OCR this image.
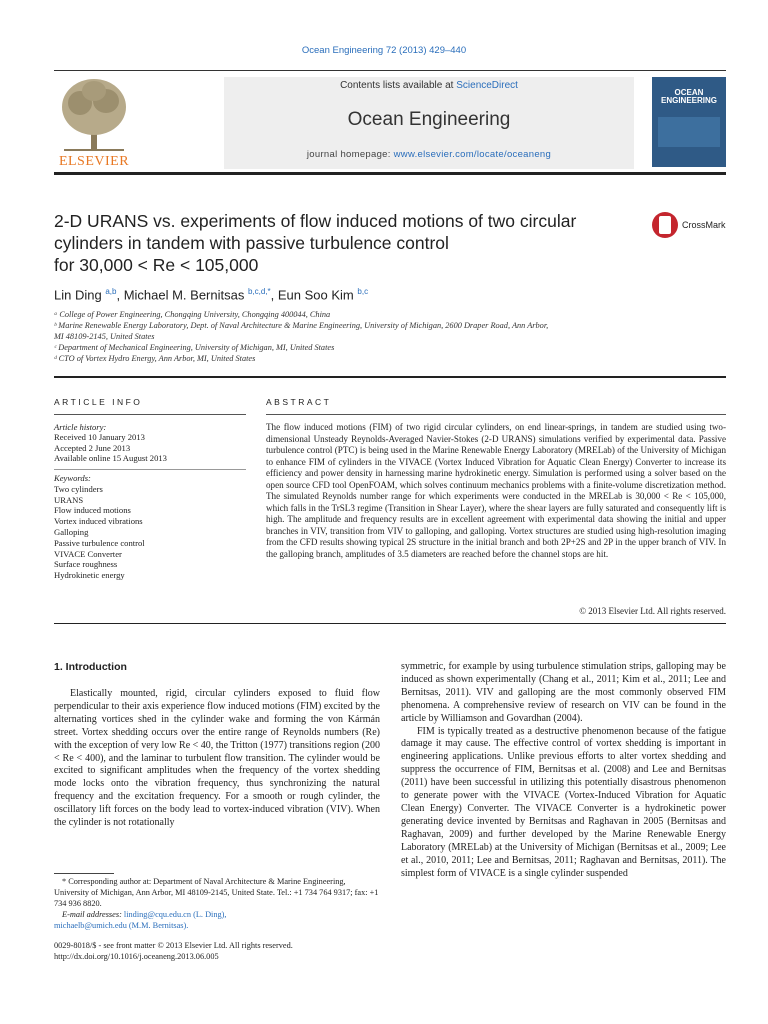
Ocean Engineering 72 (2013) 429–440
ELSEVIER
Contents lists available at ScienceDirect
Ocean Engineering
journal homepage: www.elsevier.com/locate/oceaneng
OCEAN ENGINEERING
2-D URANS vs. experiments of flow induced motions of two circular
cylinders in tandem with passive turbulence control
for 30,000 < Re < 105,000
CrossMark
Lin Ding $^{a,b}$, Michael M. Bernitsas $^{b,c,d,*}$, Eun Soo Kim $^{b,c}$
ᵃ College of Power Engineering, Chongqing University, Chongqing 400044, China
ᵇ Marine Renewable Energy Laboratory, Dept. of Naval Architecture & Marine Engineering, University of Michigan, 2600 Draper Road, Ann Arbor,
MI 48109-2145, United States
ᶜ Department of Mechanical Engineering, University of Michigan, MI, United States
ᵈ CTO of Vortex Hydro Energy, Ann Arbor, MI, United States
ARTICLE INFO	ABSTRACT
Article history:
Received 10 January 2013
Accepted 2 June 2013
Available online 15 August 2013
Keywords:
Two cylinders
URANS
Flow induced motions
Vortex induced vibrations
Galloping
Passive turbulence control
VIVACE Converter
Surface roughness
Hydrokinetic energy
The flow induced motions (FIM) of two rigid circular cylinders, on end linear-springs, in tandem are studied using two-dimensional Unsteady Reynolds-Averaged Navier-Stokes (2-D URANS) simulations verified by experimental data. Passive turbulence control (PTC) is being used in the Marine Renewable Energy Laboratory (MRELab) of the University of Michigan to enhance FIM of cylinders in the VIVACE (Vortex Induced Vibration for Aquatic Clean Energy) Converter to increase its efficiency and power density in harnessing marine hydrokinetic energy. Simulation is performed using a solver based on the open source CFD tool OpenFOAM, which solves continuum mechanics problems with a finite-volume discretization method. The simulated Reynolds number range for which experiments were conducted in the MRELab is 30,000 < Re < 105,000, which falls in the TrSL3 regime (Transition in Shear Layer), where the shear layers are fully saturated and consequently lift is high. The amplitude and frequency results are in excellent agreement with experimental data showing the initial and upper branches in VIV, transition from VIV to galloping, and galloping. Vortex structures are studied using high-resolution imaging from the CFD results showing typical 2S structure in the initial branch and both 2P+2S and 2P in the upper branch of VIV. In the galloping branch, amplitudes of 3.5 diameters are reached before the channel stops are hit.
© 2013 Elsevier Ltd. All rights reserved.
1. Introduction
Elastically mounted, rigid, circular cylinders exposed to fluid flow perpendicular to their axis experience flow induced motions (FIM) excited by the alternating vortices shed in the cylinder wake and forming the von Kármán street. Vortex shedding occurs over the entire range of Reynolds numbers (Re) with the exception of very low Re < 40, the Tritton (1977) transitions region (200 < Re < 400), and the laminar to turbulent flow transition. The cylinder would be excited to significant amplitudes when the frequency of the vortex shedding mode locks onto the vibration frequency, thus synchronizing the natural frequency and the excitation frequency. For a smooth or rough cylinder, the oscillatory lift forces on the body lead to vortex-induced vibration (VIV). When the cylinder is not rotationally

symmetric, for example by using turbulence stimulation strips, galloping may be induced as shown experimentally (Chang et al., 2011; Kim et al., 2011; Lee and Bernitsas, 2011). VIV and galloping are the most commonly observed FIM phenomena. A comprehensive review of research on VIV can be found in the article by Williamson and Govardhan (2004).

FIM is typically treated as a destructive phenomenon because of the fatigue damage it may cause. The effective control of vortex shedding is important in engineering applications. Unlike previous efforts to alter vortex shedding and suppress the occurrence of FIM, Bernitsas et al. (2008) and Lee and Bernitsas (2011) have been successful in utilizing this potentially disastrous phenomenon to generate power with the VIVACE (Vortex-Induced Vibration for Aquatic Clean Energy) Converter. The VIVACE Converter is a hydrokinetic power generating device invented by Bernitsas and Raghavan in 2005 (Bernitsas and Raghavan, 2009) and further developed by the Marine Renewable Energy Laboratory (MRELab) at the University of Michigan (Bernitsas et al., 2009; Lee et al., 2010, 2011; Lee and Bernitsas, 2011; Raghavan and Bernitsas, 2011). The simplest form of VIVACE is a single cylinder suspended

* Corresponding author at: Department of Naval Architecture & Marine Engineering, University of Michigan, Ann Arbor, MI 48109-2145, United State. Tel.: +1 734 764 9317; fax: +1 734 936 8820.
E-mail addresses: linding@cqu.edu.cn (L. Ding),
michaelb@umich.edu (M.M. Bernitsas).
0029-8018/$ - see front matter © 2013 Elsevier Ltd. All rights reserved.
http://dx.doi.org/10.1016/j.oceaneng.2013.06.005
